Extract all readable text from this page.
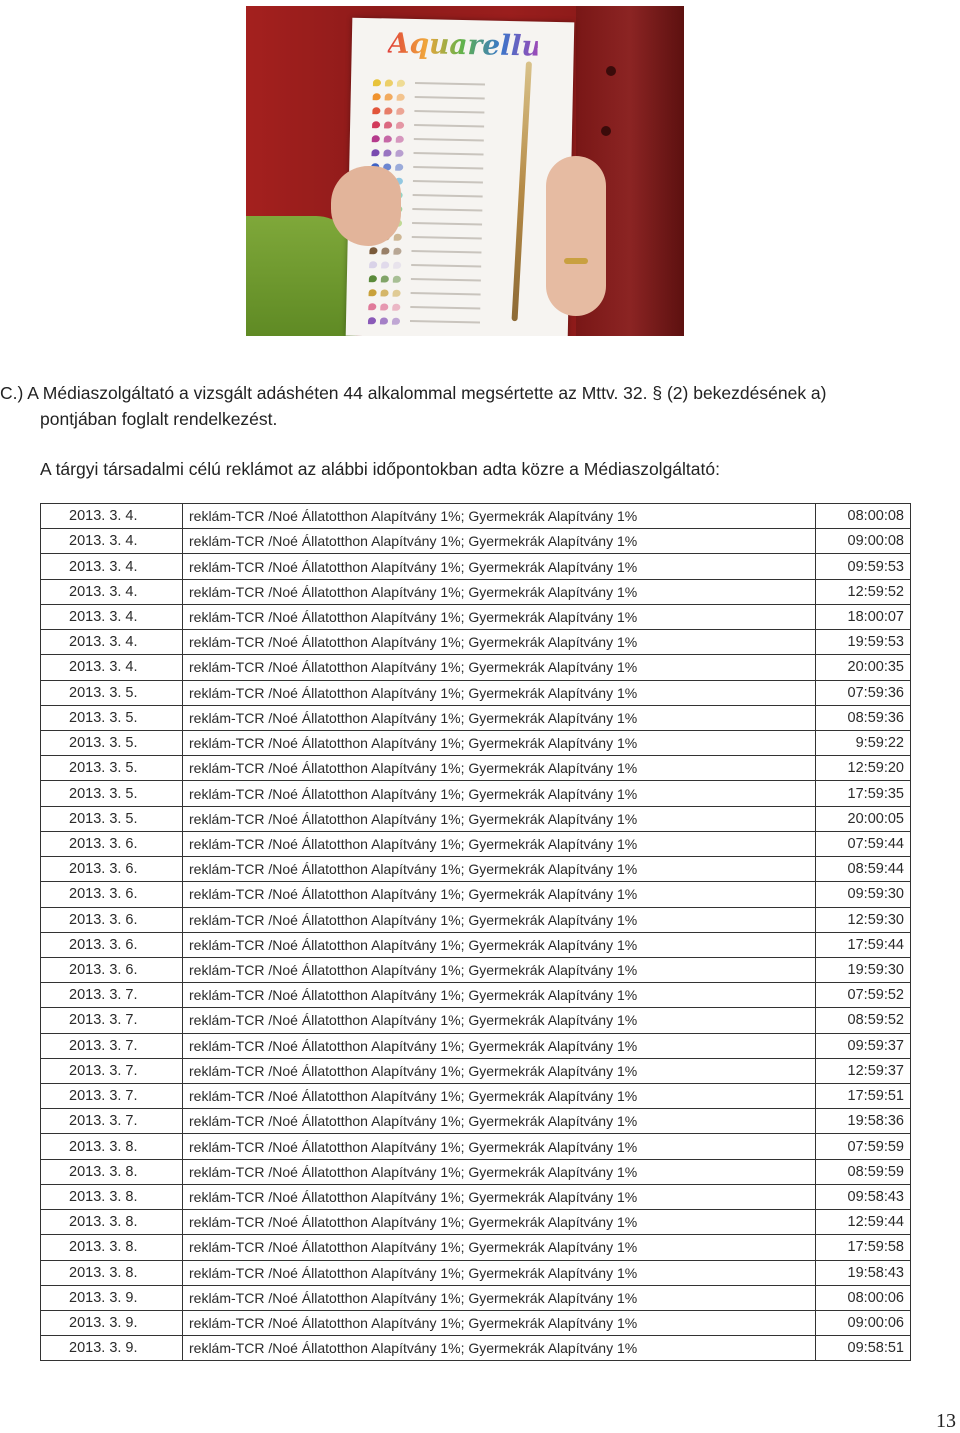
Aquarellum
C.) A Médiaszolgáltató a vizsgált adáshéten 44 alkalommal megsértette az Mttv. 32. § (2) bekezdésének a)
pontjában foglalt rendelkezést.
A tárgyi társadalmi célú reklámot az alábbi időpontokban adta közre a Médiaszolgáltató:
2013. 3. 4.	reklám-TCR /Noé Állatotthon Alapítvány 1%; Gyermekrák Alapítvány 1%	08:00:08
2013. 3. 4.	reklám-TCR /Noé Állatotthon Alapítvány 1%; Gyermekrák Alapítvány 1%	09:00:08
2013. 3. 4.	reklám-TCR /Noé Állatotthon Alapítvány 1%; Gyermekrák Alapítvány 1%	09:59:53
2013. 3. 4.	reklám-TCR /Noé Állatotthon Alapítvány 1%; Gyermekrák Alapítvány 1%	12:59:52
2013. 3. 4.	reklám-TCR /Noé Állatotthon Alapítvány 1%; Gyermekrák Alapítvány 1%	18:00:07
2013. 3. 4.	reklám-TCR /Noé Állatotthon Alapítvány 1%; Gyermekrák Alapítvány 1%	19:59:53
2013. 3. 4.	reklám-TCR /Noé Állatotthon Alapítvány 1%; Gyermekrák Alapítvány 1%	20:00:35
2013. 3. 5.	reklám-TCR /Noé Állatotthon Alapítvány 1%; Gyermekrák Alapítvány 1%	07:59:36
2013. 3. 5.	reklám-TCR /Noé Állatotthon Alapítvány 1%; Gyermekrák Alapítvány 1%	08:59:36
2013. 3. 5.	reklám-TCR /Noé Állatotthon Alapítvány 1%; Gyermekrák Alapítvány 1%	9:59:22
2013. 3. 5.	reklám-TCR /Noé Állatotthon Alapítvány 1%; Gyermekrák Alapítvány 1%	12:59:20
2013. 3. 5.	reklám-TCR /Noé Állatotthon Alapítvány 1%; Gyermekrák Alapítvány 1%	17:59:35
2013. 3. 5.	reklám-TCR /Noé Állatotthon Alapítvány 1%; Gyermekrák Alapítvány 1%	20:00:05
2013. 3. 6.	reklám-TCR /Noé Állatotthon Alapítvány 1%; Gyermekrák Alapítvány 1%	07:59:44
2013. 3. 6.	reklám-TCR /Noé Állatotthon Alapítvány 1%; Gyermekrák Alapítvány 1%	08:59:44
2013. 3. 6.	reklám-TCR /Noé Állatotthon Alapítvány 1%; Gyermekrák Alapítvány 1%	09:59:30
2013. 3. 6.	reklám-TCR /Noé Állatotthon Alapítvány 1%; Gyermekrák Alapítvány 1%	12:59:30
2013. 3. 6.	reklám-TCR /Noé Állatotthon Alapítvány 1%; Gyermekrák Alapítvány 1%	17:59:44
2013. 3. 6.	reklám-TCR /Noé Állatotthon Alapítvány 1%; Gyermekrák Alapítvány 1%	19:59:30
2013. 3. 7.	reklám-TCR /Noé Állatotthon Alapítvány 1%; Gyermekrák Alapítvány 1%	07:59:52
2013. 3. 7.	reklám-TCR /Noé Állatotthon Alapítvány 1%; Gyermekrák Alapítvány 1%	08:59:52
2013. 3. 7.	reklám-TCR /Noé Állatotthon Alapítvány 1%; Gyermekrák Alapítvány 1%	09:59:37
2013. 3. 7.	reklám-TCR /Noé Állatotthon Alapítvány 1%; Gyermekrák Alapítvány 1%	12:59:37
2013. 3. 7.	reklám-TCR /Noé Állatotthon Alapítvány 1%; Gyermekrák Alapítvány 1%	17:59:51
2013. 3. 7.	reklám-TCR /Noé Állatotthon Alapítvány 1%; Gyermekrák Alapítvány 1%	19:58:36
2013. 3. 8.	reklám-TCR /Noé Állatotthon Alapítvány 1%; Gyermekrák Alapítvány 1%	07:59:59
2013. 3. 8.	reklám-TCR /Noé Állatotthon Alapítvány 1%; Gyermekrák Alapítvány 1%	08:59:59
2013. 3. 8.	reklám-TCR /Noé Állatotthon Alapítvány 1%; Gyermekrák Alapítvány 1%	09:58:43
2013. 3. 8.	reklám-TCR /Noé Állatotthon Alapítvány 1%; Gyermekrák Alapítvány 1%	12:59:44
2013. 3. 8.	reklám-TCR /Noé Állatotthon Alapítvány 1%; Gyermekrák Alapítvány 1%	17:59:58
2013. 3. 8.	reklám-TCR /Noé Állatotthon Alapítvány 1%; Gyermekrák Alapítvány 1%	19:58:43
2013. 3. 9.	reklám-TCR /Noé Állatotthon Alapítvány 1%; Gyermekrák Alapítvány 1%	08:00:06
2013. 3. 9.	reklám-TCR /Noé Állatotthon Alapítvány 1%; Gyermekrák Alapítvány 1%	09:00:06
2013. 3. 9.	reklám-TCR /Noé Állatotthon Alapítvány 1%; Gyermekrák Alapítvány 1%	09:58:51
13
